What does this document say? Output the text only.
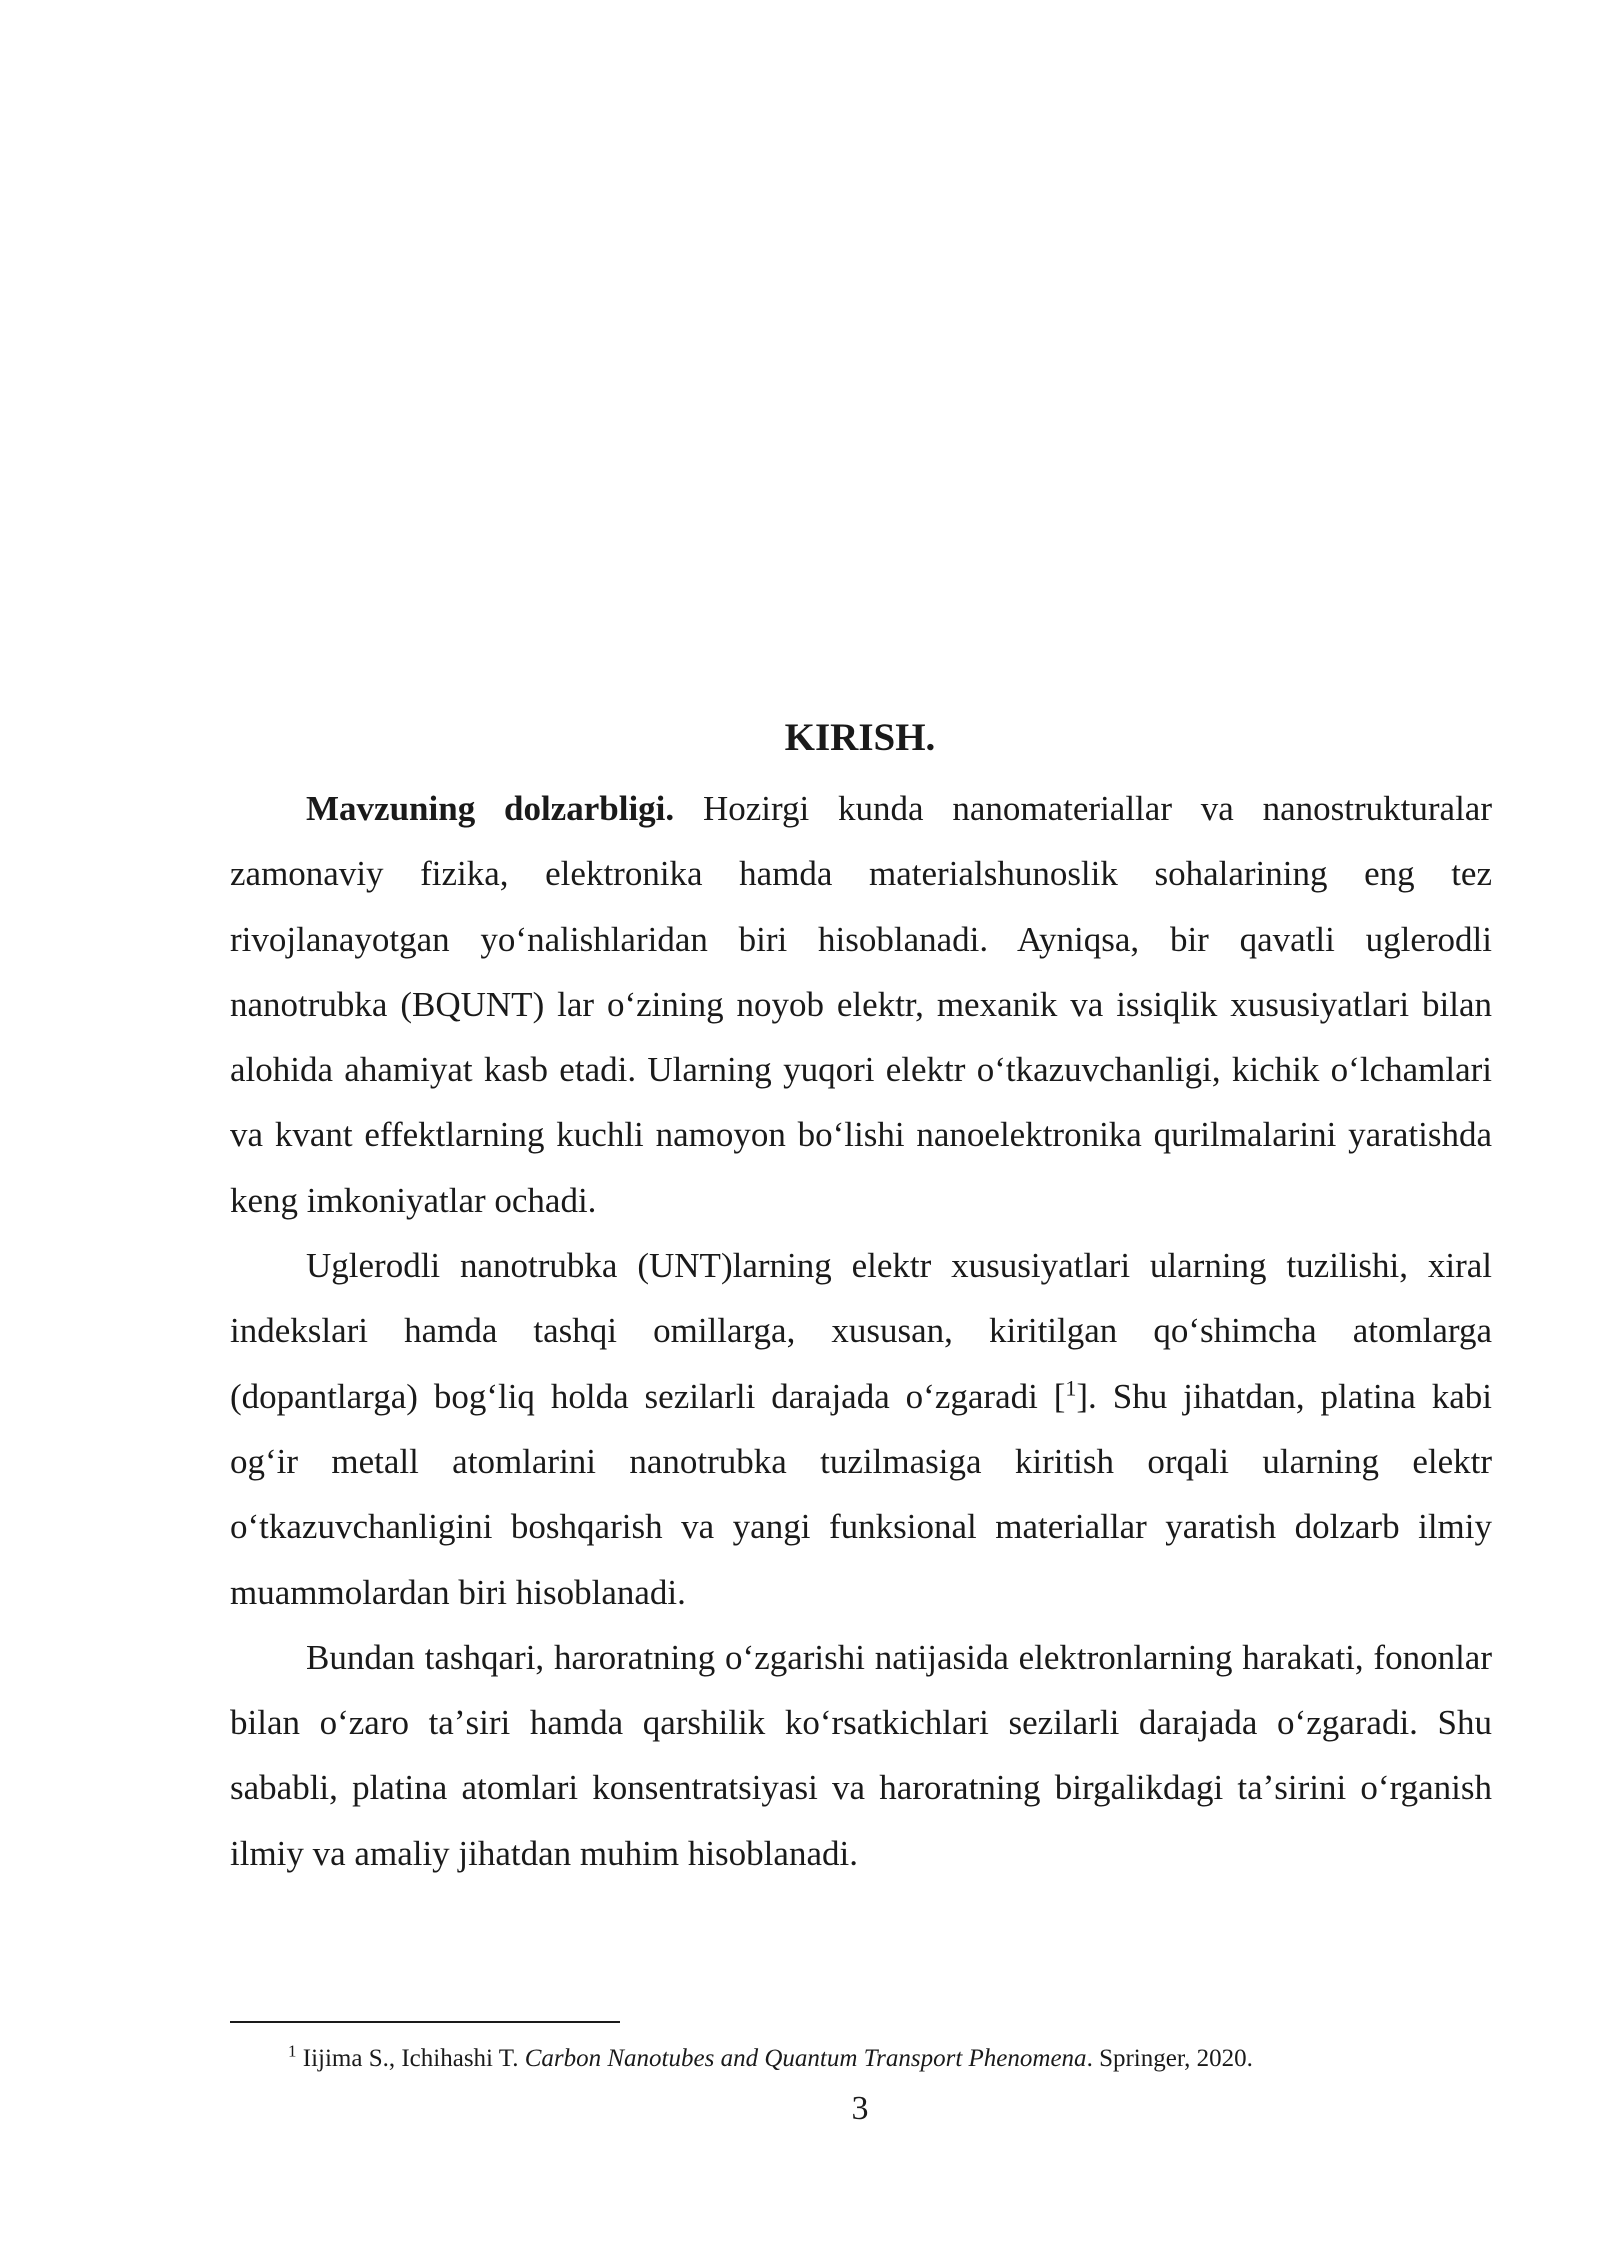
KIRISH.

Mavzuning dolzarbligi. Hozirgi kunda nanomateriallar va nanostrukturalar zamonaviy fizika, elektronika hamda materialshunoslik sohalarining eng tez rivojlanayotgan yoʻnalishlaridan biri hisoblanadi. Ayniqsa, bir qavatli uglerodli nanotrubka (BQUNT) lar oʻzining noyob elektr, mexanik va issiqlik xususiyatlari bilan alohida ahamiyat kasb etadi. Ularning yuqori elektr oʻtkazuvchanligi, kichik oʻlchamlari va kvant effektlarning kuchli namoyon boʻlishi nanoelektronika qurilmalarini yaratishda keng imkoniyatlar ochadi.

Uglerodli nanotrubka (UNT)larning elektr xususiyatlari ularning tuzilishi, xiral indekslari hamda tashqi omillarga, xususan, kiritilgan qoʻshimcha atomlarga (dopantlarga) bogʻliq holda sezilarli darajada oʻzgaradi [$^1$]. Shu jihatdan, platina kabi ogʻir metall atomlarini nanotrubka tuzilmasiga kiritish orqali ularning elektr oʻtkazuvchanligini boshqarish va yangi funksional materiallar yaratish dolzarb ilmiy muammolardan biri hisoblanadi.

Bundan tashqari, haroratning oʻzgarishi natijasida elektronlarning harakati, fononlar bilan oʻzaro taʼsiri hamda qarshilik koʻrsatkichlari sezilarli darajada oʻzgaradi. Shu sababli, platina atomlari konsentratsiyasi va haroratning birgalikdagi taʼsirini oʻrganish ilmiy va amaliy jihatdan muhim hisoblanadi.

$^1$ Iijima S., Ichihashi T. Carbon Nanotubes and Quantum Transport Phenomena. Springer, 2020.
3
